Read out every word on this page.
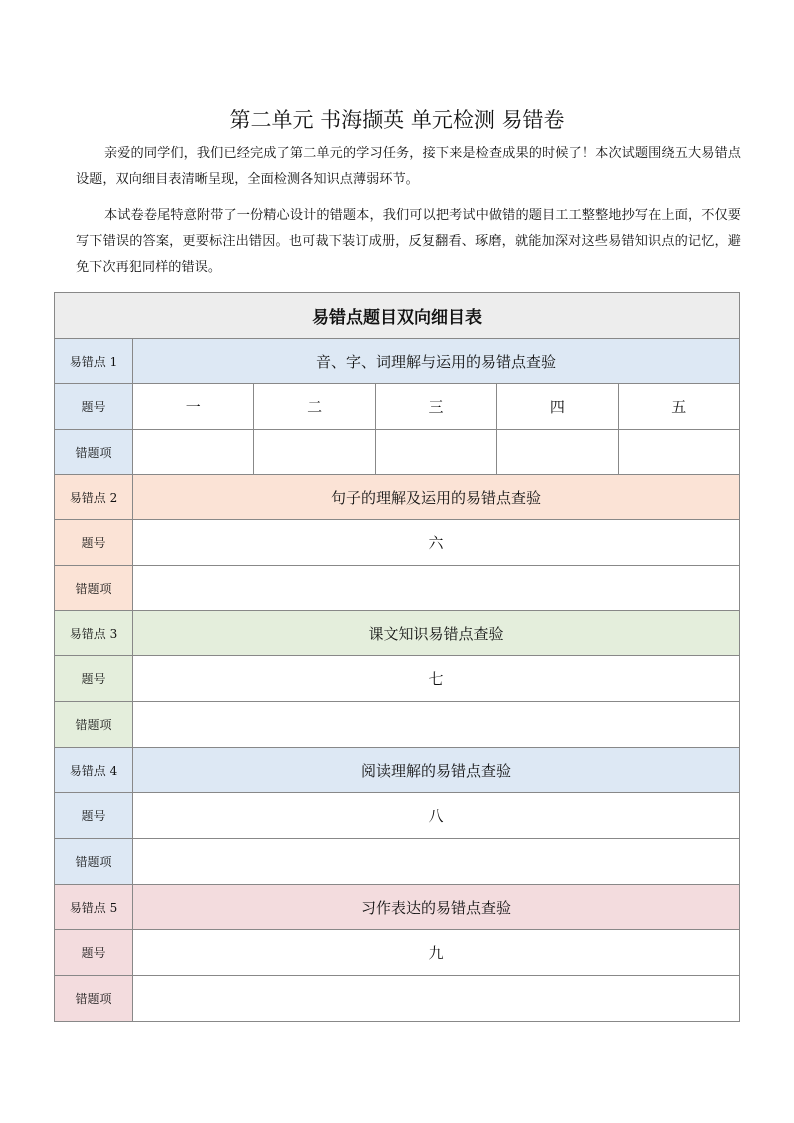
第二单元 书海撷英 单元检测 易错卷
亲爱的同学们，我们已经完成了第二单元的学习任务，接下来是检查成果的时候了！本次试题围绕五大易错点设题，双向细目表清晰呈现，全面检测各知识点薄弱环节。
本试卷卷尾特意附带了一份精心设计的错题本，我们可以把考试中做错的题目工工整整地抄写在上面，不仅要写下错误的答案，更要标注出错因。也可裁下装订成册，反复翻看、琢磨，就能加深对这些易错知识点的记忆，避免下次再犯同样的错误。
易错点题目双向细目表					
易错点 1	音、字、词理解与运用的易错点查验				
题号	一	二	三	四	五
错题项					
易错点 2	句子的理解及运用的易错点查验				
题号	六				
错题项					
易错点 3	课文知识易错点查验				
题号	七				
错题项					
易错点 4	阅读理解的易错点查验				
题号	八				
错题项					
易错点 5	习作表达的易错点查验				
题号	九				
错题项					
